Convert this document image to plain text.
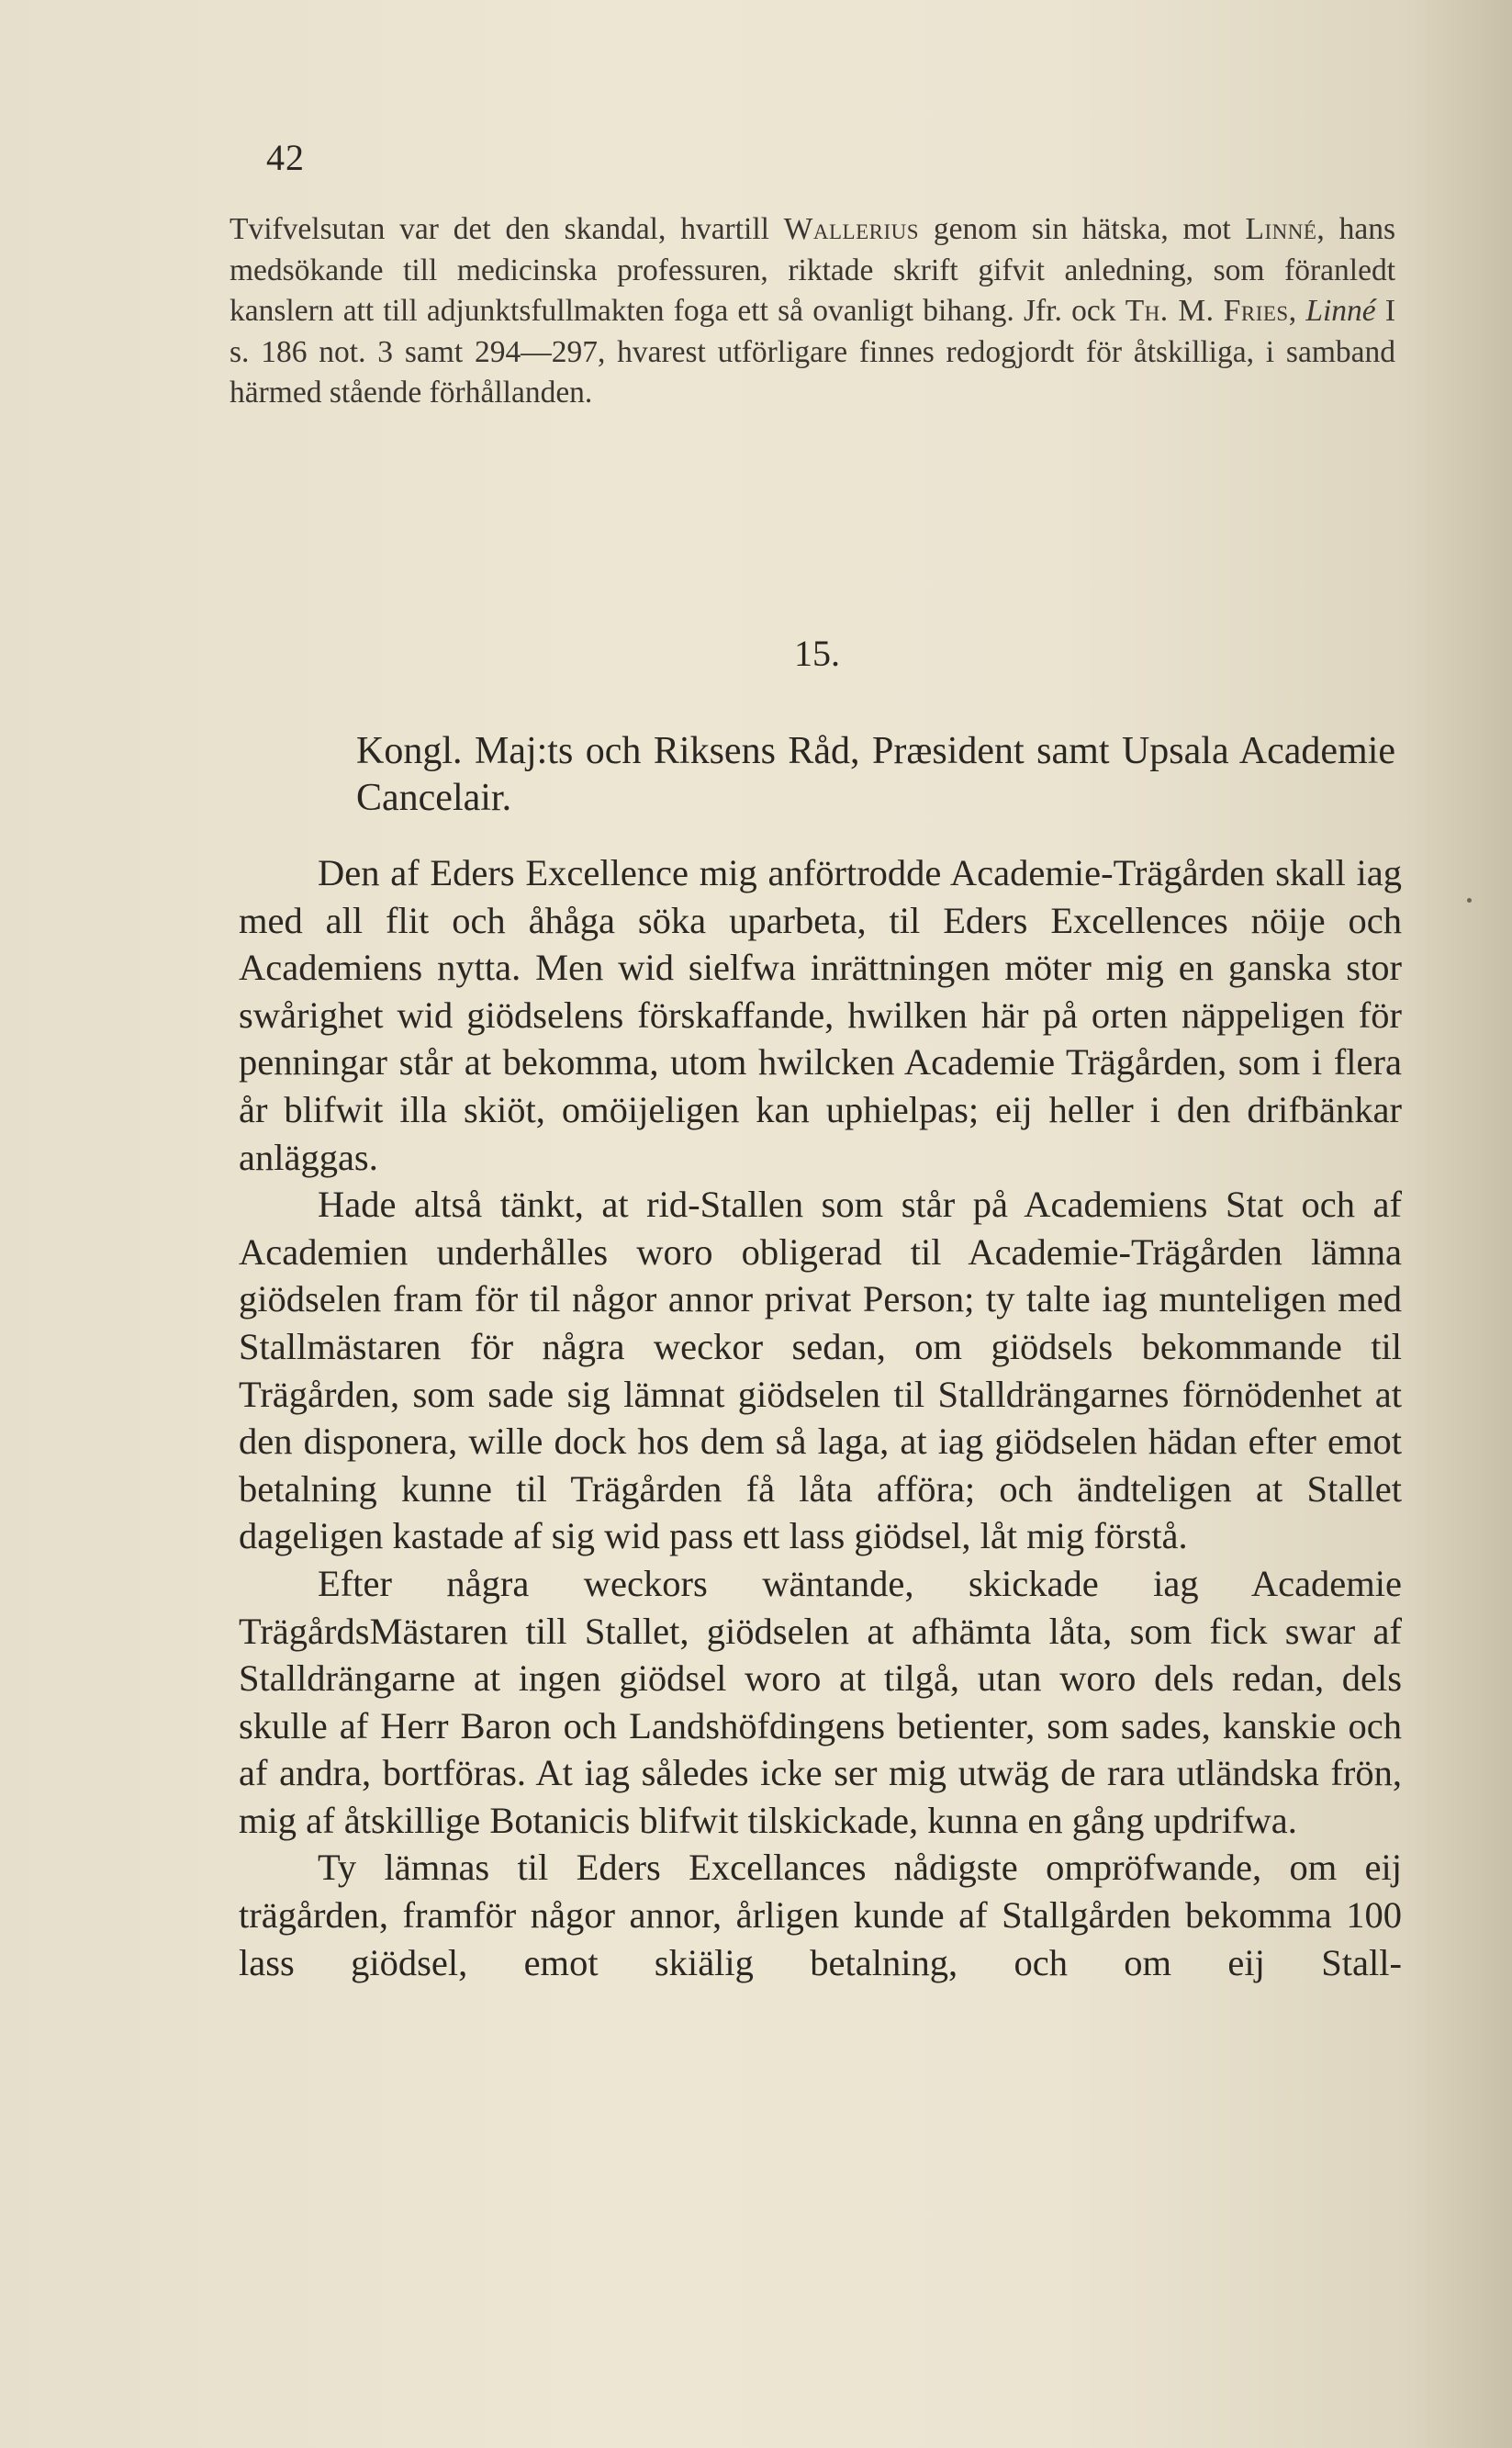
42

Tvifvelsutan var det den skandal, hvartill Wallerius genom sin hätska, mot Linné, hans medsökande till medicinska professuren, riktade skrift gifvit anledning, som föranledt kanslern att till adjunktsfullmakten foga ett så ovanligt bihang. Jfr. ock Th. M. Fries, Linné I s. 186 not. 3 samt 294—297, hvarest utförligare finnes redogjordt för åtskilliga, i samband härmed stående förhållanden.

15.
Kongl. Maj:ts och Riksens Råd, Præsident samt Upsala Academie Cancelair.

Den af Eders Excellence mig anförtrodde Academie-Trägården skall iag med all flit och åhåga söka uparbeta, til Eders Excellences nöije och Academiens nytta. Men wid sielfwa inrättningen möter mig en ganska stor swårighet wid giödselens förskaffande, hwilken här på orten näppeligen för penningar står at bekomma, utom hwilcken Academie Trägården, som i flera år blifwit illa skiöt, omöijeligen kan uphielpas; eij heller i den drifbänkar anläggas.

Hade altså tänkt, at rid-Stallen som står på Academiens Stat och af Academien underhålles woro obligerad til Academie-Trägården lämna giödselen fram för til någor annor privat Person; ty talte iag munteligen med Stallmästaren för några weckor sedan, om giödsels bekommande til Trägården, som sade sig lämnat giödselen til Stalldrängarnes förnödenhet at den disponera, wille dock hos dem så laga, at iag giödselen hädan efter emot betalning kunne til Trägården få låta afföra; och ändteligen at Stallet dageligen kastade af sig wid pass ett lass giödsel, låt mig förstå.

Efter några weckors wäntande, skickade iag Academie TrägårdsMästaren till Stallet, giödselen at afhämta låta, som fick swar af Stalldrängarne at ingen giödsel woro at tilgå, utan woro dels redan, dels skulle af Herr Baron och Landshöfdingens betienter, som sades, kanskie och af andra, bortföras. At iag således icke ser mig utwäg de rara utländska frön, mig af åtskillige Botanicis blifwit tilskickade, kunna en gång updrifwa.

Ty lämnas til Eders Excellances nådigste ompröfwande, om eij trägården, framför någor annor, årligen kunde af Stallgården bekomma 100 lass giödsel, emot skiälig betalning, och om eij Stall-
